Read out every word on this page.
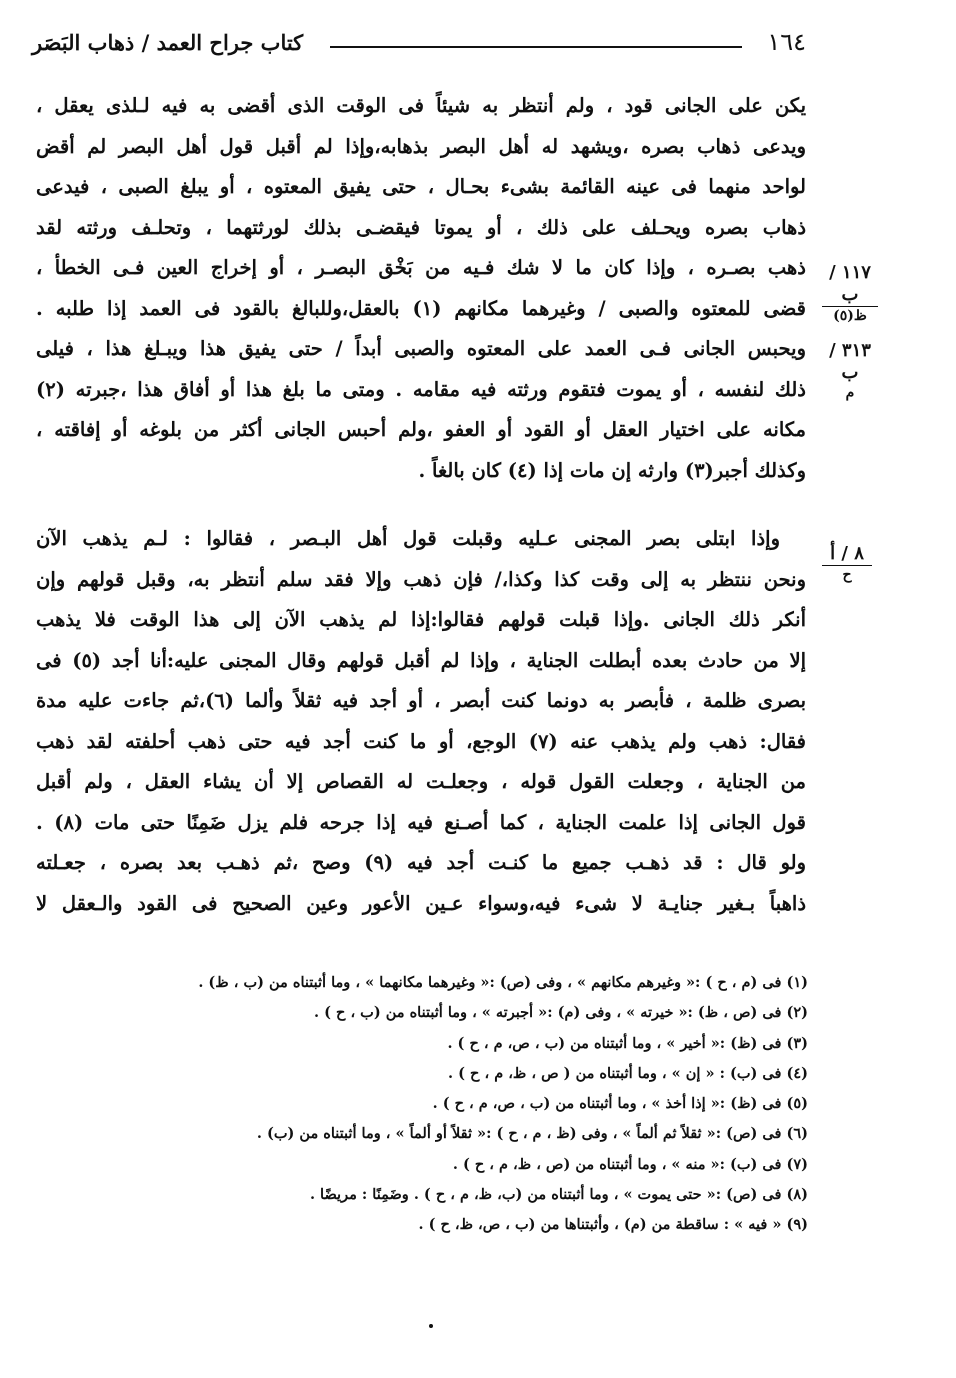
١٦٤
كتاب جراح العمد / ذهاب البَصَر
يكن على الجانى قود ، ولم أنتظر به شيئاً فى الوقت الذى أقضى به فيه لـلذى يعقل ،
ويدعى ذهاب بصره ،ويشهد له أهل البصر بذهابه،وإذا لم أقبل قول أهل البصر لم أقض
لواحد منهما فى عينه القائمة بشىء بحـال ، حتى يفيق المعتوه ، أو يبلغ الصبى ، فيدعى
ذهاب بصره ويحـلف على ذلك ، أو يموتا فيقضـى بذلك لورثتهما ، وتحلـف ورثته لقد
ذهب بصـره ، وإذا كان ما لا شك فـيه من بَخْق البصـر ، أو إخراج العين فـى الخطأ ،
قضى للمعتوه والصبى / وغيرهما مكانهم (١) بالعقل،وللبالغ بالقود فى العمد إذا طلبه .
ويحبس الجانى فـى العمد على المعتوه والصبى أبداً / حتى يفيق هذا ويبـلغ هذا ، فيلى
ذلك لنفسه ، أو يموت فتقوم ورثته فيه مقامه . ومتى ما بلغ هذا أو أفاق هذا ،جبرته (٢)
مكانه على اختيار العقل أو القود أو العفو ،ولم أحبس الجانى أكثر من بلوغه أو إفاقته ،
وكذلك أجبر(٣) وارثه إن مات إذا (٤) كان بالغاً .
وإذا ابتلى بصر المجنى عـليه وقبلت قول أهل البـصر ، فقالوا : لـم يذهب الآن
ونحن ننتظر به إلى وقت كذا وكذا،/ فإن ذهب وإلا فقد سلم أنتظر به، وقبل قولهم وإن
أنكر ذلك الجانى .وإذا قبلت قولهم فقالوا:إذا لم يذهب الآن إلى هذا الوقت فلا يذهب
إلا من حادث بعده أبطلت الجناية ، وإذا لم أقبل قولهم وقال المجنى عليه:أنا أجد (٥) فى
بصرى ظلمة ، فأبصر به دونما كنت أبصر ، أو أجد فيه ثقلاً وألما (٦)،ثم جاءت عليه مدة
فقال: ذهب ولم يذهب عنه (٧) الوجع، أو ما كنت أجد فيه حتى ذهب أحلفته لقد ذهب
من الجناية ، وجعلت القول قوله ، وجعلـت له القصاص إلا أن يشاء العقل ، ولم أقبل
قول الجانى إذا علمت الجناية ، كما أصـنع فيه إذا جرحه فلم يزل ضَمِنًا حتى مات (٨) .
ولو قال : قد ذهـب جميع ما كنـت أجد فيه (٩) وصح ،ثم ذهـب بعد بصره ، جعـلته
ذاهباً بـغير جنايـة لا شىء فيه،وسواء عـين الأعور وعين الصحيح فى القود والـعقل لا
١١٧ / ب
ظ(٥)
٣١٣ / ب
م
٨ / أ
ح
(١) فى (م ، ح ) :« وغيرهم مكانهم » ، وفى (ص) :« وغيرهما مكانهما » ، وما أثبتناه من (ب ، ظ) .
(٢) فى (ص ، ظ) :« خيرته » ، وفى (م) :« أجبرته » ، وما أثبتناه من (ب ، ح ) .
(٣) فى (ظ) :« أخير » ، وما أثبتناه من (ب ، ص، م ، ح ) .
(٤) فى (ب) : « إن » ، وما أثبتناه من ( ص ، ظ، م ، ح ) .
(٥) فى (ظ) :« إذا أخذ » ، وما أثبتناه من (ب ، ص، م ، ح ) .
(٦) فى (ص) :« ثقلاً ثم ألماً » ، وفى (ظ ، م ، ح ) :« ثقلاً أو ألماً » ، وما أثبتناه من (ب) .
(٧) فى (ب) :« منه » ، وما أثبتناه من (ص ، ظ، م ، ح ) .
(٨) فى (ص) :« حتى يموت » ، وما أثبتناه من (ب، ظ، م ، ح ) . وضَمِنًا : مريضًا .
(٩) « فيه » : ساقطة من (م) ، وأثبتناها من (ب ، ص، ظ، ح ) .
